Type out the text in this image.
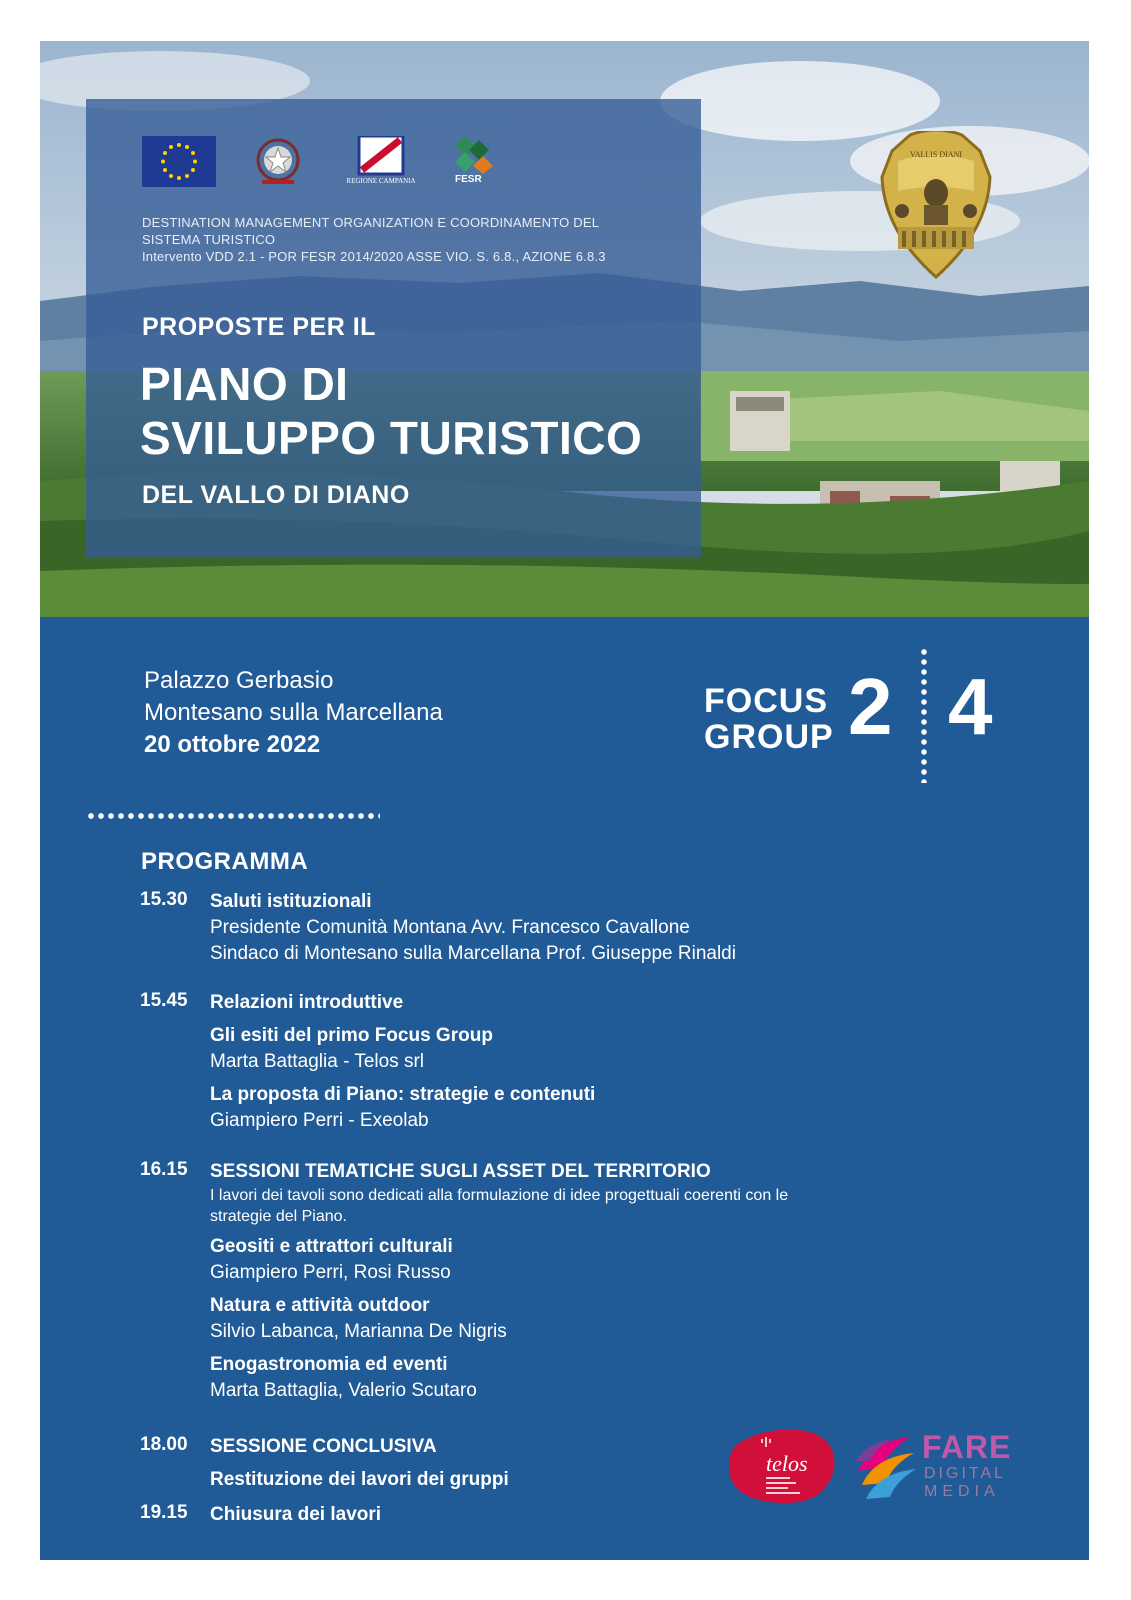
REGIONE CAMPANIA	FESR
DESTINATION MANAGEMENT ORGANIZATION E COORDINAMENTO DEL
SISTEMA TURISTICO
Intervento VDD 2.1 - POR FESR 2014/2020 ASSE VIO. S. 6.8., AZIONE 6.8.3
PROPOSTE PER IL
PIANO DI
SVILUPPO TURISTICO
DEL VALLO DI DIANO
VALLIS DIANI
Palazzo Gerbasio
Montesano sulla Marcellana
20 ottobre 2022
FOCUS
GROUP 2 4
PROGRAMMA
15.30 Saluti istituzionali
Presidente Comunità Montana Avv. Francesco Cavallone
Sindaco di Montesano sulla Marcellana Prof. Giuseppe Rinaldi
15.45 Relazioni introduttive
Gli esiti del primo Focus Group
Marta Battaglia - Telos srl
La proposta di Piano: strategie e contenuti
Giampiero Perri - Exeolab
16.15 SESSIONI TEMATICHE SUGLI ASSET DEL TERRITORIO
I lavori dei tavoli sono dedicati alla formulazione di idee progettuali coerenti con le
strategie del Piano.
Geositi e attrattori culturali
Giampiero Perri, Rosi Russo
Natura e attività outdoor
Silvio Labanca, Marianna De Nigris
Enogastronomia ed eventi
Marta Battaglia, Valerio Scutaro
18.00 SESSIONE CONCLUSIVA
Restituzione dei lavori dei gruppi
19.15 Chiusura dei lavori
telos	FARE
DIGITAL
MEDIA
